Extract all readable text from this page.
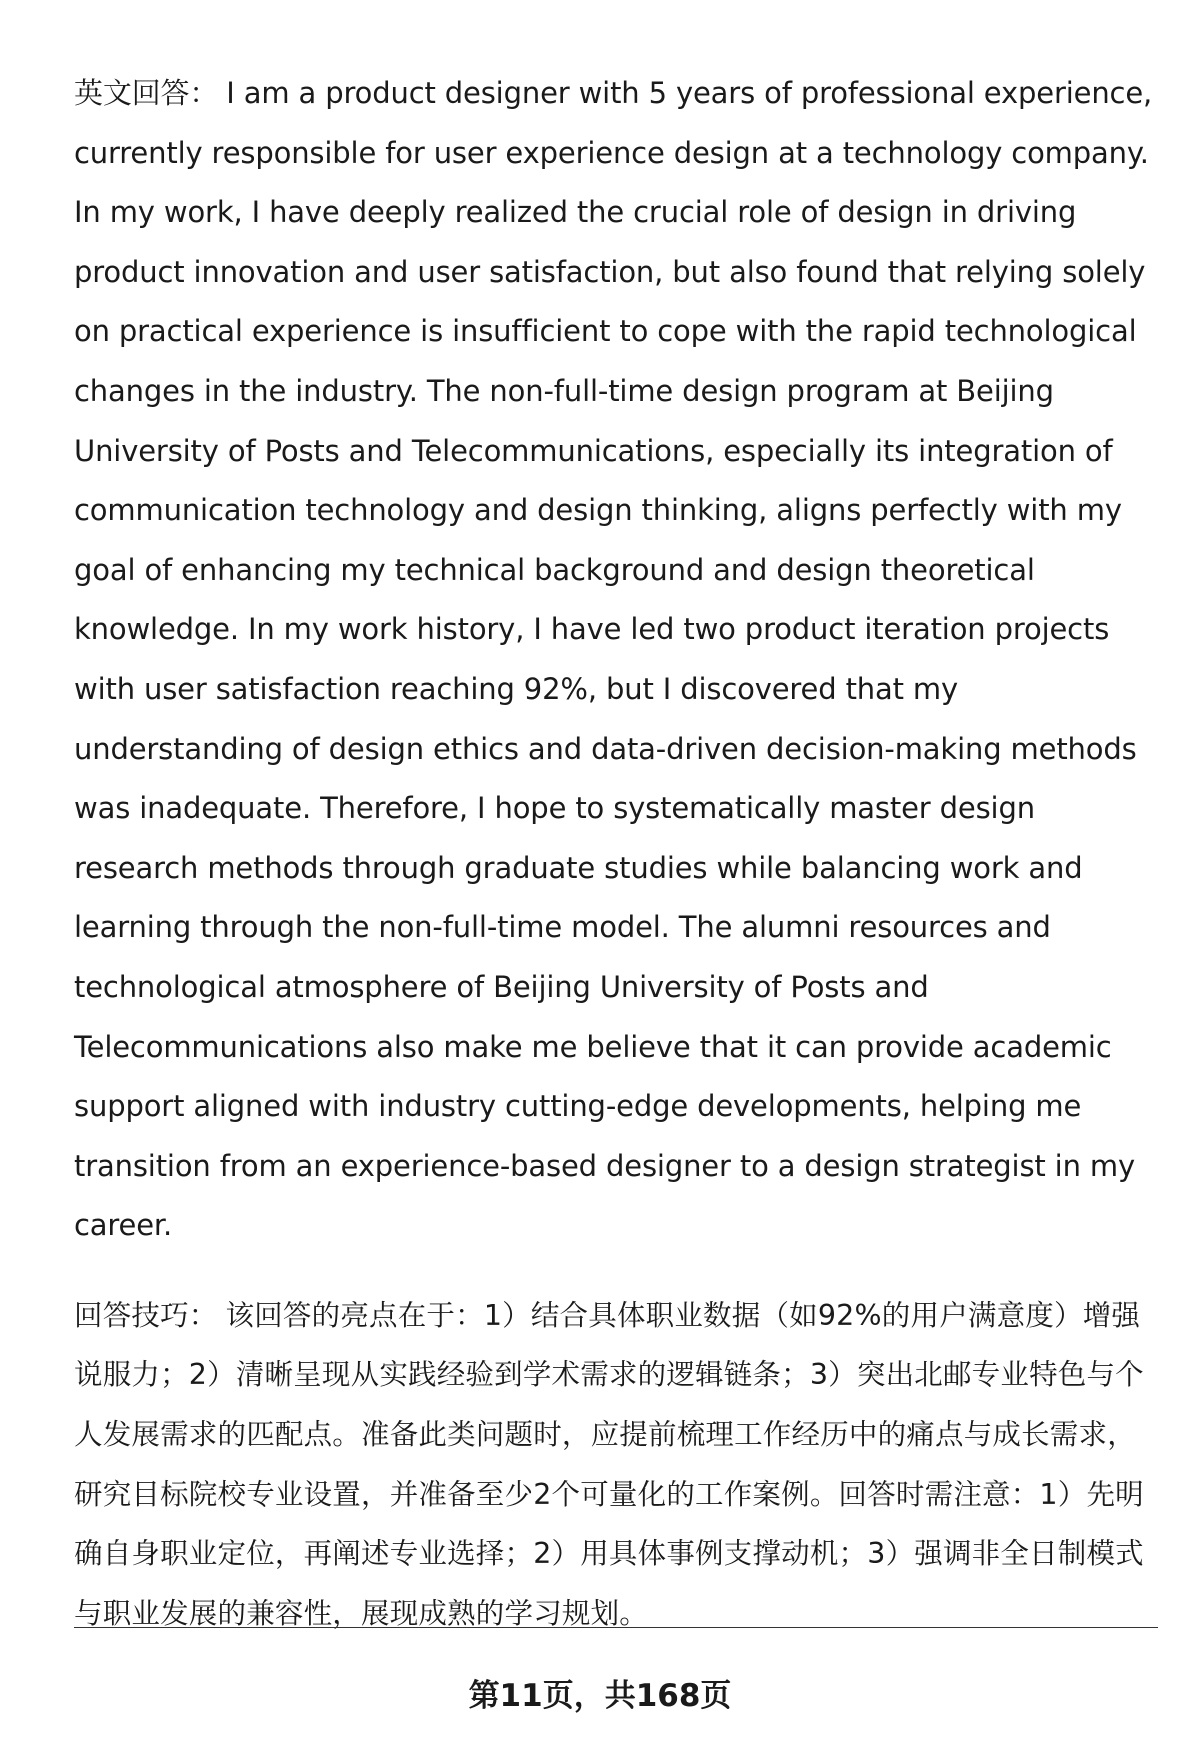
英文回答： I am a product designer with 5 years of professional experience, currently responsible for user experience design at a technology company. In my work, I have deeply realized the crucial role of design in driving product innovation and user satisfaction, but also found that relying solely on practical experience is insufficient to cope with the rapid technological changes in the industry. The non-full-time design program at Beijing University of Posts and Telecommunications, especially its integration of communication technology and design thinking, aligns perfectly with my goal of enhancing my technical background and design theoretical knowledge. In my work history, I have led two product iteration projects with user satisfaction reaching 92%, but I discovered that my understanding of design ethics and data-driven decision-making methods was inadequate. Therefore, I hope to systematically master design research methods through graduate studies while balancing work and learning through the non-full-time model. The alumni resources and technological atmosphere of Beijing University of Posts and Telecommunications also make me believe that it can provide academic support aligned with industry cutting-edge developments, helping me transition from an experience-based designer to a design strategist in my career.

回答技巧： 该回答的亮点在于：1）结合具体职业数据（如92%的用户满意度）增强说服力；2）清晰呈现从实践经验到学术需求的逻辑链条；3）突出北邮专业特色与个人发展需求的匹配点。准备此类问题时，应提前梳理工作经历中的痛点与成长需求，研究目标院校专业设置，并准备至少2个可量化的工作案例。回答时需注意：1）先明确自身职业定位，再阐述专业选择；2）用具体事例支撑动机；3）强调非全日制模式与职业发展的兼容性，展现成熟的学习规划。

第11页，共168页
